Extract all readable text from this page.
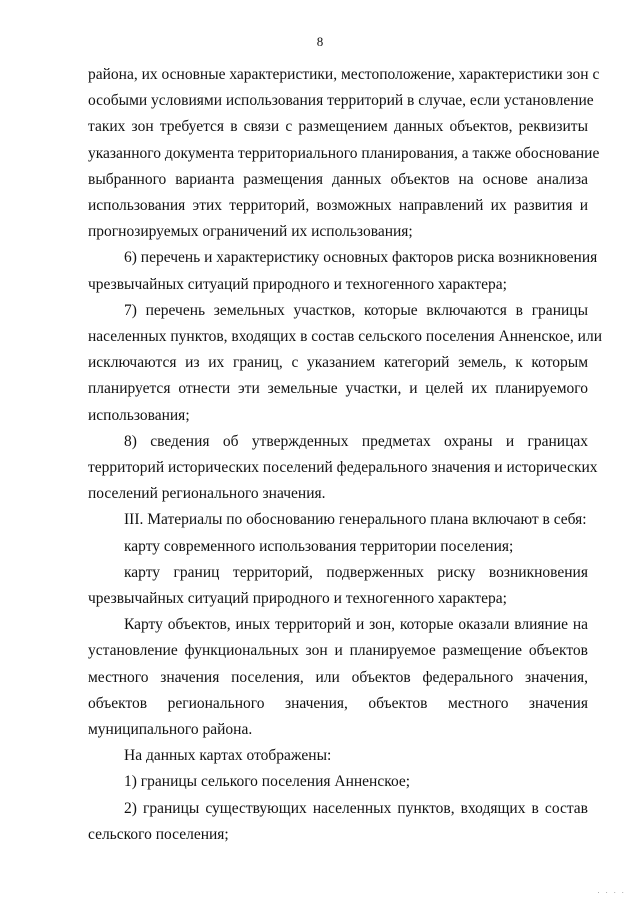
8

района, их основные характеристики, местоположение, характеристики зон с
особыми условиями использования территорий в случае, если установление
таких зон требуется в связи с размещением данных объектов, реквизиты
указанного документа территориального планирования, а также обоснование
выбранного варианта размещения данных объектов на основе анализа
использования этих территорий, возможных направлений их развития и
прогнозируемых ограничений их использования;

6) перечень и характеристику основных факторов риска возникновения
чрезвычайных ситуаций природного и техногенного характера;

7) перечень земельных участков, которые включаются в границы
населенных пунктов, входящих в состав сельского поселения Анненское, или
исключаются из их границ, с указанием категорий земель, к которым
планируется отнести эти земельные участки, и целей их планируемого
использования;

8) сведения об утвержденных предметах охраны и границах
территорий исторических поселений федерального значения и исторических
поселений регионального значения.

III. Материалы по обоснованию генерального плана включают в себя:

карту современного использования территории поселения;

карту границ территорий, подверженных риску возникновения
чрезвычайных ситуаций природного и техногенного характера;

Карту объектов, иных территорий и зон, которые оказали влияние на
установление функциональных зон и планируемое размещение объектов
местного значения поселения, или объектов федерального значения,
объектов регионального значения, объектов местного значения
муниципального района.

На данных картах отображены:

1) границы селького поселения Анненское;

2) границы существующих населенных пунктов, входящих в состав
сельского поселения;

· · · ·
